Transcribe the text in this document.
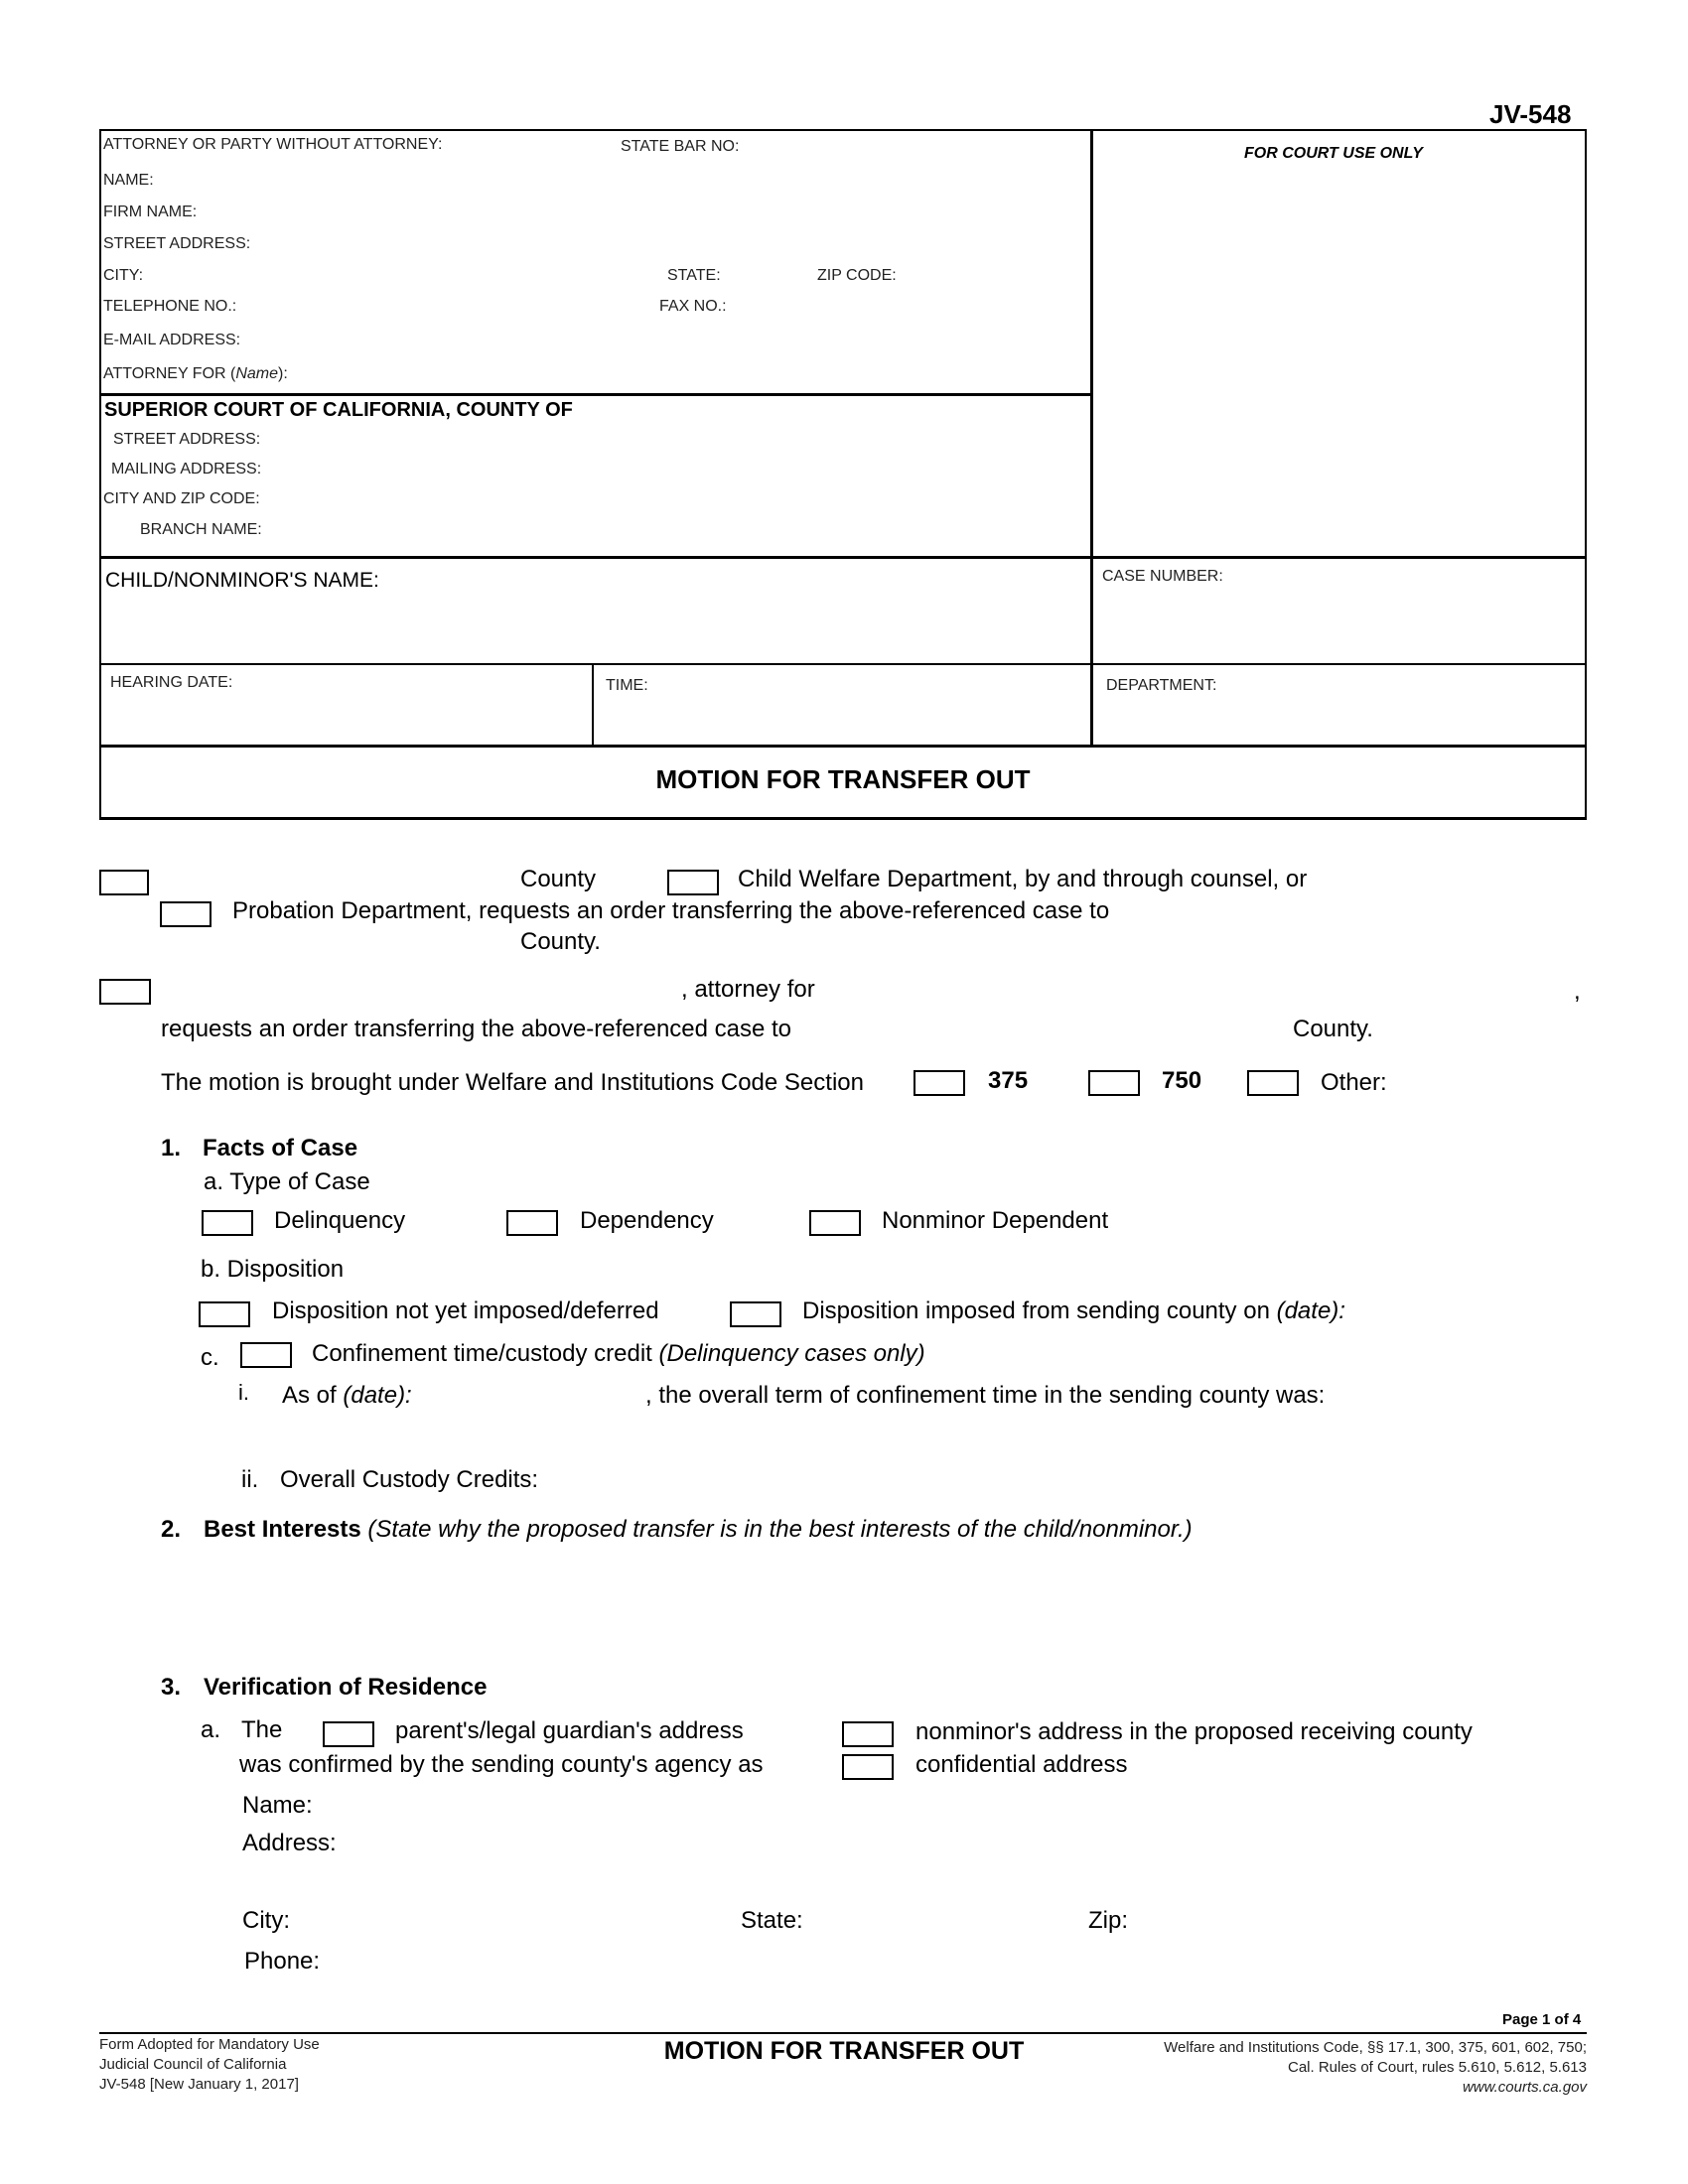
JV-548
ATTORNEY OR PARTY WITHOUT ATTORNEY:	STATE BAR NO:
NAME:
FIRM NAME:
STREET ADDRESS:
CITY:	STATE:	ZIP CODE:
TELEPHONE NO.:	FAX NO.:
E-MAIL ADDRESS:
ATTORNEY FOR (Name):
FOR COURT USE ONLY
SUPERIOR COURT OF CALIFORNIA, COUNTY OF
STREET ADDRESS:
MAILING ADDRESS:
CITY AND ZIP CODE:
BRANCH NAME:
CHILD/NONMINOR'S NAME:	CASE NUMBER:
HEARING DATE:	TIME:	DEPARTMENT:
MOTION FOR TRANSFER OUT
County	Child Welfare Department, by and through counsel, or
Probation Department, requests an order transferring the above-referenced case to
County.
, attorney for	,
requests an order transferring the above-referenced case to	County.
The motion is brought under Welfare and Institutions Code Section	375	750	Other:
1. Facts of Case
a. Type of Case
Delinquency	Dependency	Nonminor Dependent
b. Disposition
Disposition not yet imposed/deferred	Disposition imposed from sending county on (date):
c.	Confinement time/custody credit (Delinquency cases only)
i. As of (date):	, the overall term of confinement time in the sending county was:
ii. Overall Custody Credits:
2. Best Interests (State why the proposed transfer is in the best interests of the child/nonminor.)
3. Verification of Residence
a. The	parent's/legal guardian's address	nonminor's address in the proposed receiving county
was confirmed by the sending county's agency as	confidential address
Name:
Address:
City:	State:	Zip:
Phone:
Page 1 of 4
Form Adopted for Mandatory Use
Judicial Council of California
JV-548 [New January 1, 2017]
MOTION FOR TRANSFER OUT	Welfare and Institutions Code, §§ 17.1, 300, 375, 601, 602, 750;
Cal. Rules of Court, rules 5.610, 5.612, 5.613
www.courts.ca.gov
